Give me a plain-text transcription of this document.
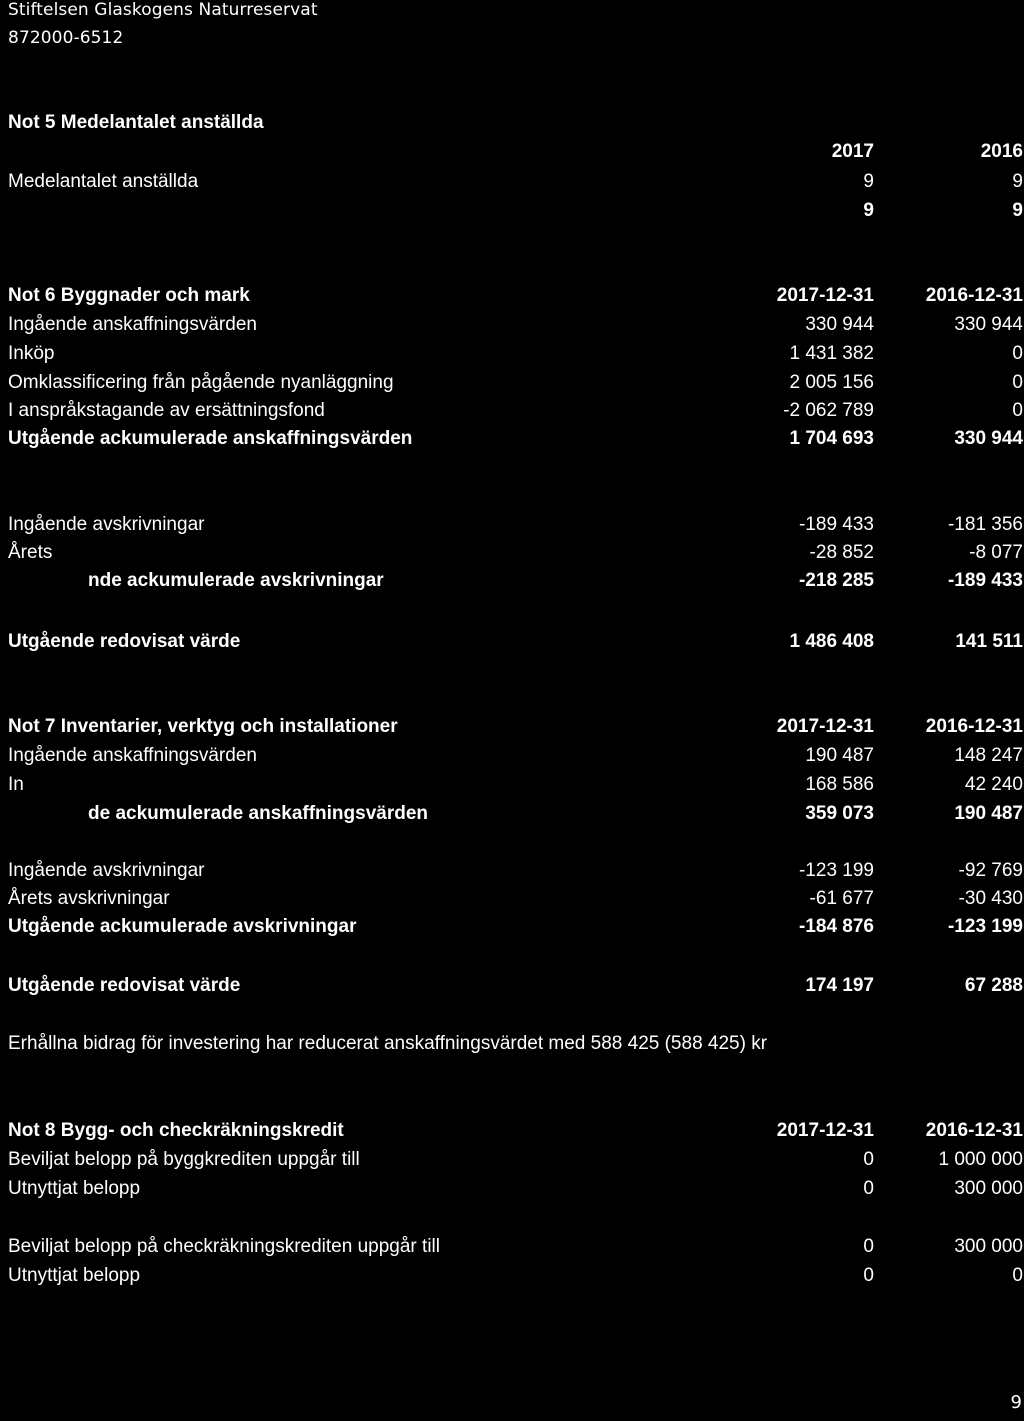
Stiftelsen Glaskogens Naturreservat
872000-6512
Not 5 Medelantalet anställda
2017	2016
Medelantalet anställda	9	9
9	9
Not 6 Byggnader och mark	2017-12-31	2016-12-31
Ingående anskaffningsvärden	330 944	330 944
Inköp	1 431 382	0
Omklassificering från pågående nyanläggning	2 005 156	0
I anspråkstagande av ersättningsfond	-2 062 789	0
Utgående ackumulerade anskaffningsvärden	1 704 693	330 944
Ingående avskrivningar	-189 433	-181 356
Årets	-28 852	-8 077
nde ackumulerade avskrivningar	-218 285	-189 433
Utgående redovisat värde	1 486 408	141 511
Not 7 Inventarier, verktyg och installationer	2017-12-31	2016-12-31
Ingående anskaffningsvärden	190 487	148 247
In	168 586	42 240
de ackumulerade anskaffningsvärden	359 073	190 487
Ingående avskrivningar	-123 199	-92 769
Årets avskrivningar	-61 677	-30 430
Utgående ackumulerade avskrivningar	-184 876	-123 199
Utgående redovisat värde	174 197	67 288
Erhållna bidrag för investering har reducerat anskaffningsvärdet med 588 425 (588 425) kr
Not 8 Bygg- och checkräkningskredit	2017-12-31	2016-12-31
Beviljat belopp på byggkrediten uppgår till	0	1 000 000
Utnyttjat belopp	0	300 000
Beviljat belopp på checkräkningskrediten uppgår till	0	300 000
Utnyttjat belopp	0	0
9
